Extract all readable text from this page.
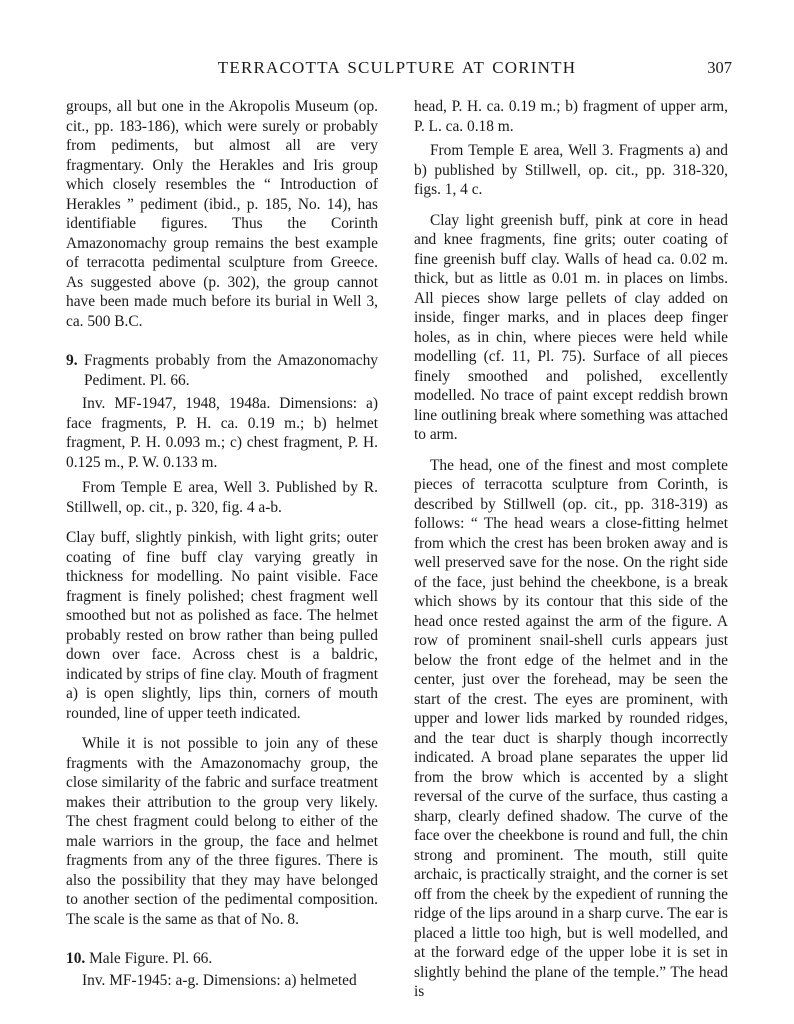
TERRACOTTA SCULPTURE AT CORINTH	307

groups, all but one in the Akropolis Museum (op. cit., pp. 183-186), which were surely or probably from pediments, but almost all are very fragmentary. Only the Herakles and Iris group which closely resembles the “ Introduction of Herakles ” pediment (ibid., p. 185, No. 14), has identifiable figures. Thus the Corinth Amazonomachy group remains the best example of terracotta pedimental sculpture from Greece. As suggested above (p. 302), the group cannot have been made much before its burial in Well 3, ca. 500 B.C.

9. Fragments probably from the Amazonomachy Pediment. Pl. 66.

Inv. MF-1947, 1948, 1948a. Dimensions: a) face fragments, P. H. ca. 0.19 m.; b) helmet fragment, P. H. 0.093 m.; c) chest fragment, P. H. 0.125 m., P. W. 0.133 m.

From Temple E area, Well 3. Published by R. Stillwell, op. cit., p. 320, fig. 4 a-b.

Clay buff, slightly pinkish, with light grits; outer coating of fine buff clay varying greatly in thickness for modelling. No paint visible. Face fragment is finely polished; chest fragment well smoothed but not as polished as face. The helmet probably rested on brow rather than being pulled down over face. Across chest is a baldric, indicated by strips of fine clay. Mouth of fragment a) is open slightly, lips thin, corners of mouth rounded, line of upper teeth indicated.

While it is not possible to join any of these fragments with the Amazonomachy group, the close similarity of the fabric and surface treatment makes their attribution to the group very likely. The chest fragment could belong to either of the male warriors in the group, the face and helmet fragments from any of the three figures. There is also the possibility that they may have belonged to another section of the pedimental composition. The scale is the same as that of No. 8.

10. Male Figure. Pl. 66.

Inv. MF-1945: a-g. Dimensions: a) helmeted

head, P. H. ca. 0.19 m.; b) fragment of upper arm, P. L. ca. 0.18 m.

From Temple E area, Well 3. Fragments a) and b) published by Stillwell, op. cit., pp. 318-320, figs. 1, 4 c.

Clay light greenish buff, pink at core in head and knee fragments, fine grits; outer coating of fine greenish buff clay. Walls of head ca. 0.02 m. thick, but as little as 0.01 m. in places on limbs. All pieces show large pellets of clay added on inside, finger marks, and in places deep finger holes, as in chin, where pieces were held while modelling (cf. 11, Pl. 75). Surface of all pieces finely smoothed and polished, excellently modelled. No trace of paint except reddish brown line outlining break where something was attached to arm.

The head, one of the finest and most complete pieces of terracotta sculpture from Corinth, is described by Stillwell (op. cit., pp. 318-319) as follows: “ The head wears a close-fitting helmet from which the crest has been broken away and is well preserved save for the nose. On the right side of the face, just behind the cheekbone, is a break which shows by its contour that this side of the head once rested against the arm of the figure. A row of prominent snail-shell curls appears just below the front edge of the helmet and in the center, just over the forehead, may be seen the start of the crest. The eyes are prominent, with upper and lower lids marked by rounded ridges, and the tear duct is sharply though incorrectly indicated. A broad plane separates the upper lid from the brow which is accented by a slight reversal of the curve of the surface, thus casting a sharp, clearly defined shadow. The curve of the face over the cheekbone is round and full, the chin strong and prominent. The mouth, still quite archaic, is practically straight, and the corner is set off from the cheek by the expedient of running the ridge of the lips around in a sharp curve. The ear is placed a little too high, but is well modelled, and at the forward edge of the upper lobe it is set in slightly behind the plane of the temple.” The head is
